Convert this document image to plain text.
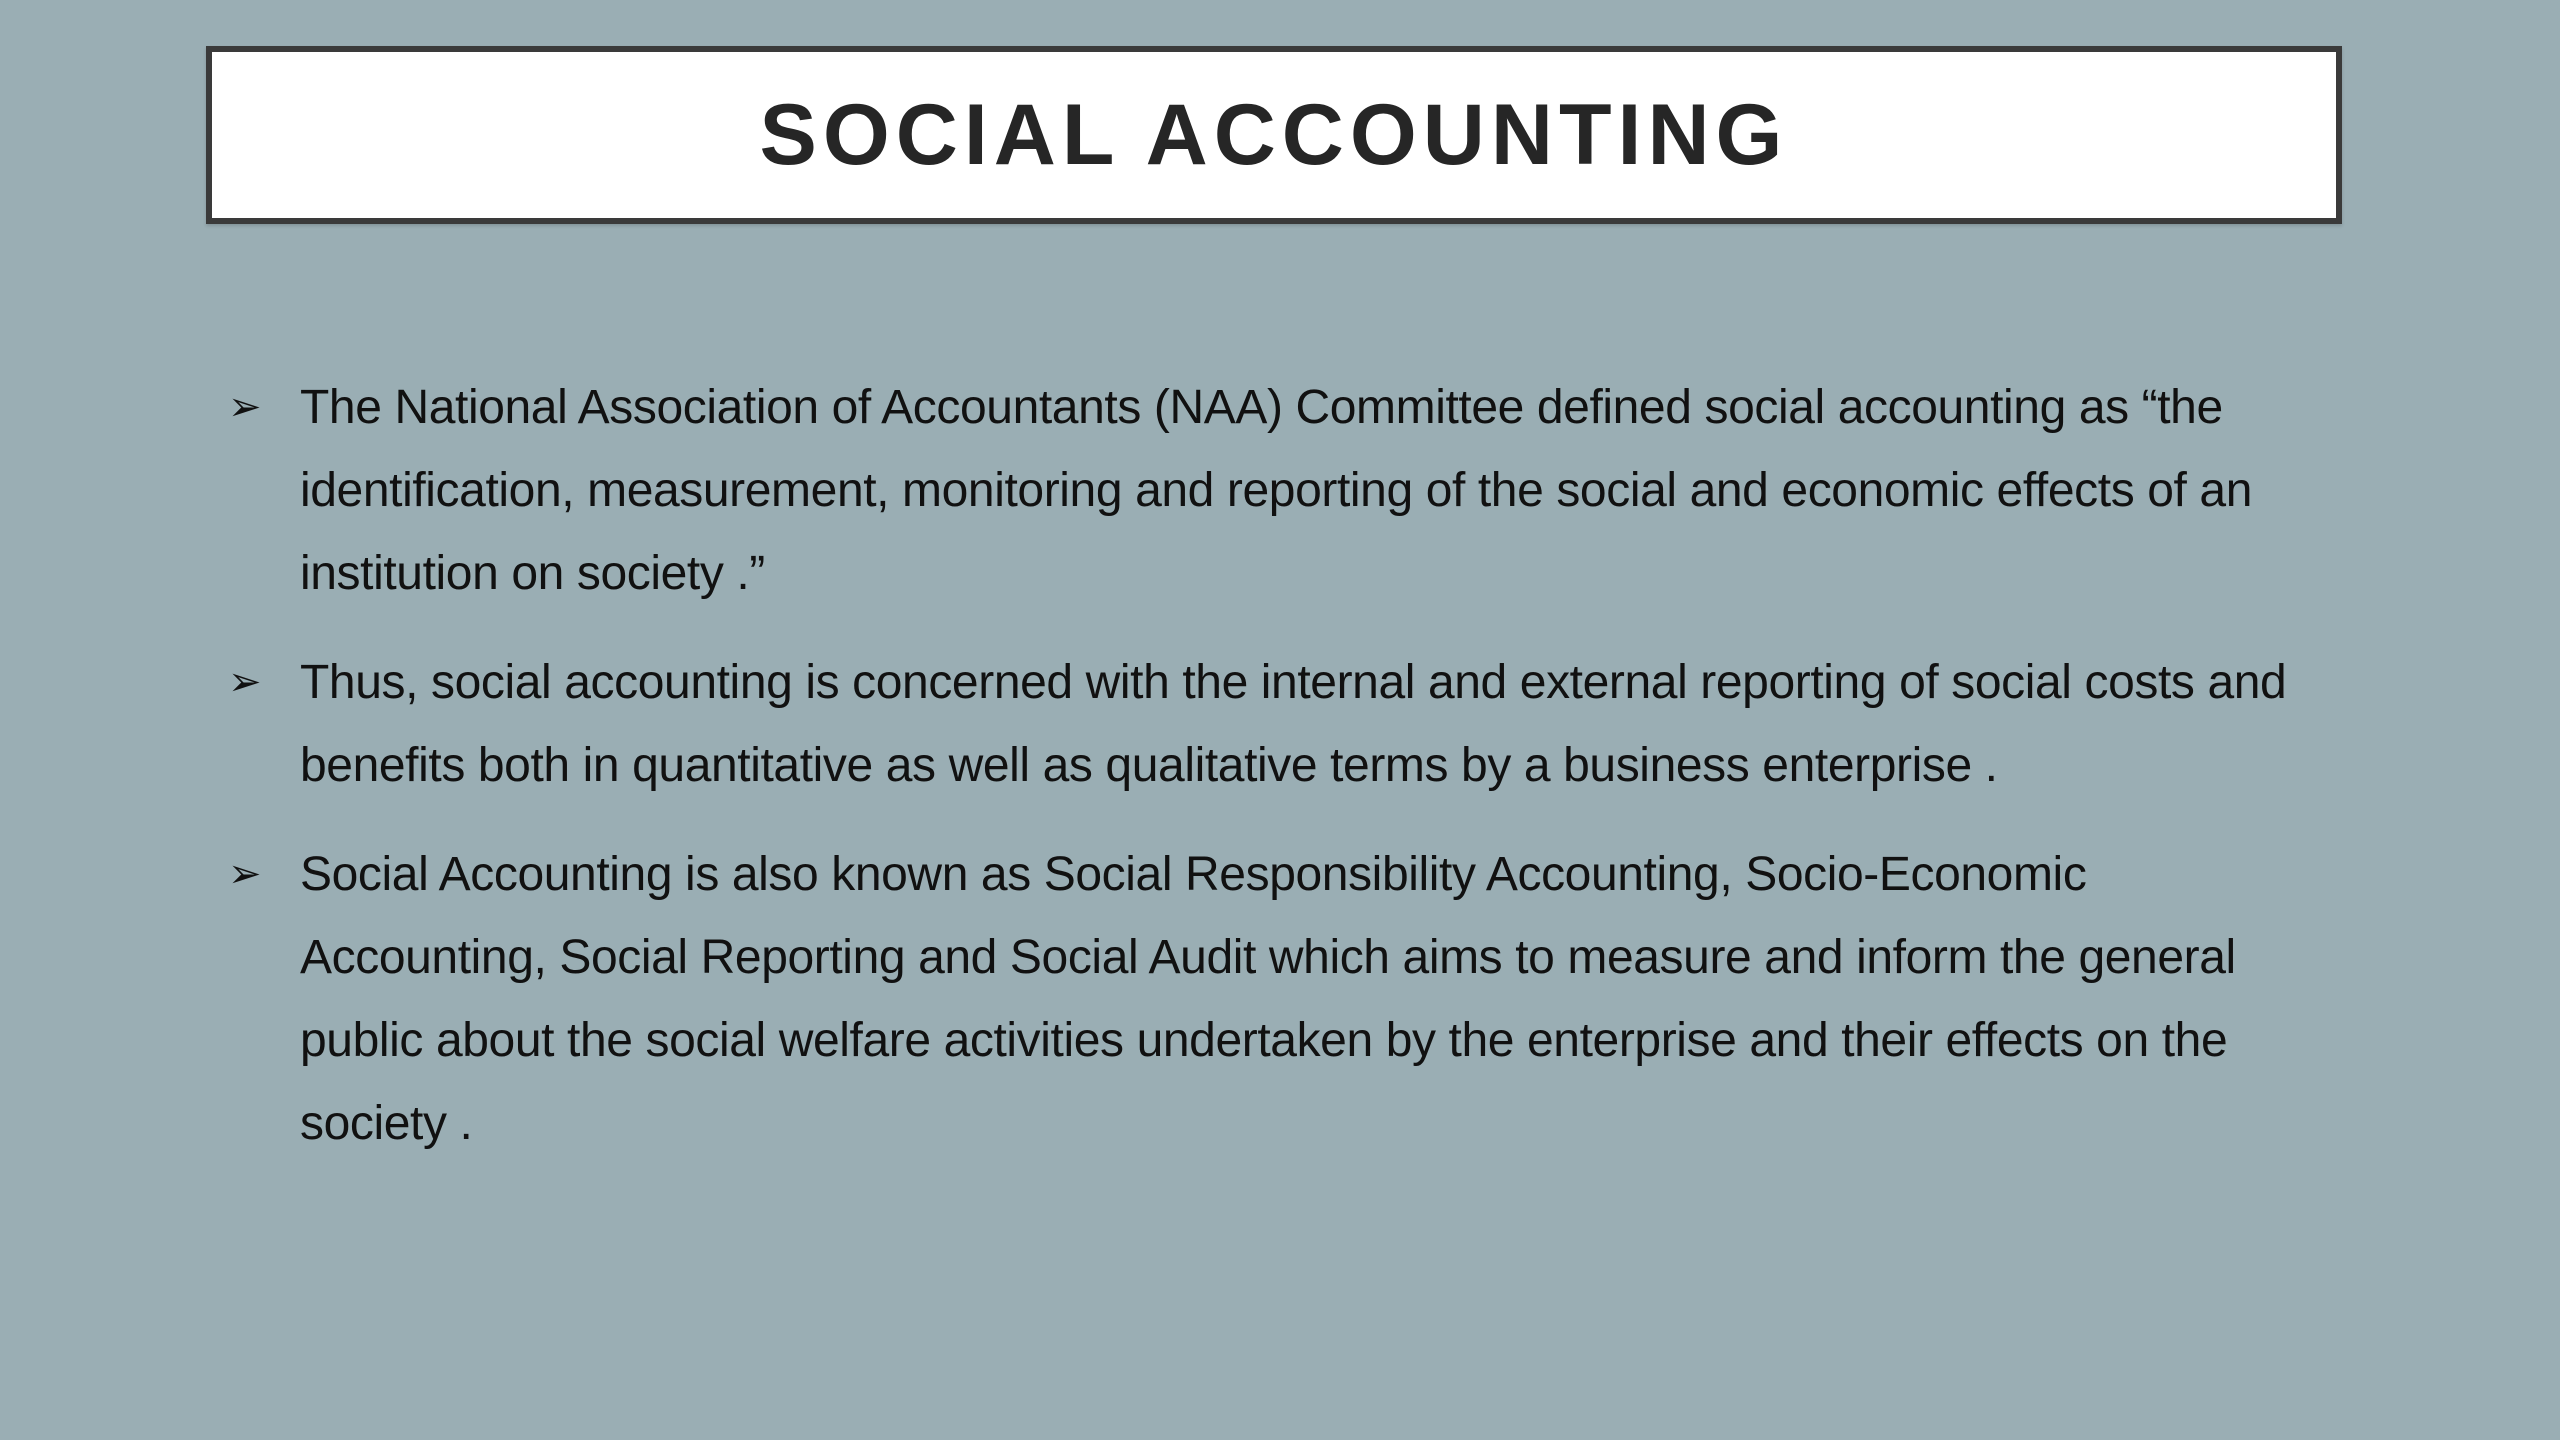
SOCIAL ACCOUNTING
➢ The National Association of Accountants (NAA) Committee defined social accounting as “the identification, measurement, monitoring and reporting of the social and economic effects of an institution on society .”
➢ Thus, social accounting is concerned with the internal and external reporting of social costs and benefits both in quantitative as well as qualitative terms by a business enterprise .
➢ Social Accounting is also known as Social Responsibility Accounting, Socio-Economic Accounting, Social Reporting and Social Audit which aims to measure and inform the general public about the social welfare activities undertaken by the enterprise and their effects on the society .
